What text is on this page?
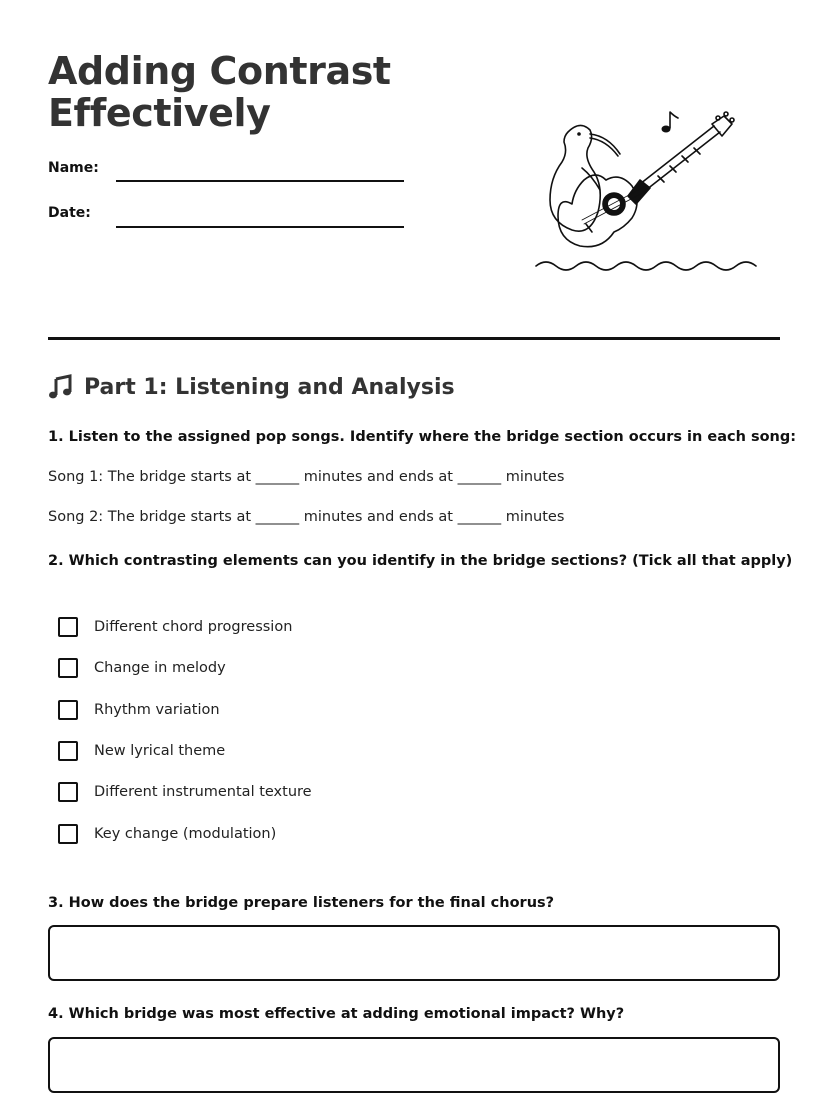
Adding Contrast
Effectively
Name:
Date:
Part 1: Listening and Analysis

1. Listen to the assigned pop songs. Identify where the bridge section occurs in each song:

Song 1: The bridge starts at ______ minutes and ends at ______ minutes
Song 2: The bridge starts at ______ minutes and ends at ______ minutes

2. Which contrasting elements can you identify in the bridge sections? (Tick all that apply)

Different chord progression
Change in melody
Rhythm variation
New lyrical theme
Different instrumental texture
Key change (modulation)

3. How does the bridge prepare listeners for the final chorus?

4. Which bridge was most effective at adding emotional impact? Why?
